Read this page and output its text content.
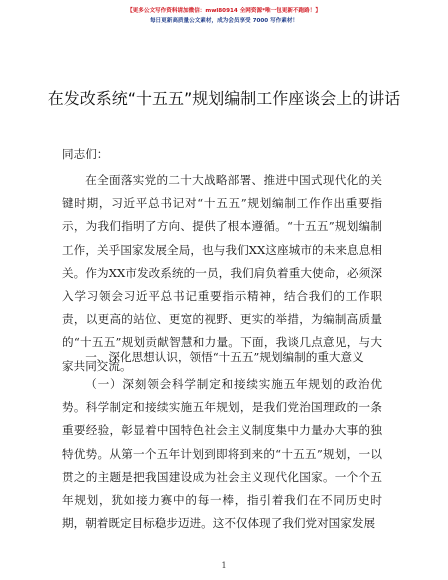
【更多公文写作资料请加微信：mwl80914 全网资源*唯一包更新不跑路！】
每日更新高质量公文素材，成为会员享受 7000 写作素材！
在发改系统“十五五”规划编制工作座谈会上的讲话
同志们：
在全面落实党的二十大战略部署、推进中国式现代化的关键时期，习近平总书记对“十五五”规划编制工作作出重要指示，为我们指明了方向、提供了根本遵循。“十五五”规划编制工作，关乎国家发展全局，也与我们XX这座城市的未来息息相关。作为XX市发改系统的一员，我们肩负着重大使命，必须深入学习领会习近平总书记重要指示精神，结合我们的工作职责，以更高的站位、更宽的视野、更实的举措，为编制高质量的“十五五”规划贡献智慧和力量。下面，我谈几点意见，与大家共同交流。
一、深化思想认识，领悟“十五五”规划编制的重大意义
（一）深刻领会科学制定和接续实施五年规划的政治优势。科学制定和接续实施五年规划，是我们党治国理政的一条重要经验，彰显着中国特色社会主义制度集中力量办大事的独特优势。从第一个五年计划到即将到来的“十五五”规划，一以贯之的主题是把我国建设成为社会主义现代化国家。一个个五年规划，犹如接力赛中的每一棒，指引着我们在不同历史时期，朝着既定目标稳步迈进。这不仅体现了我们党对国家发展
1
